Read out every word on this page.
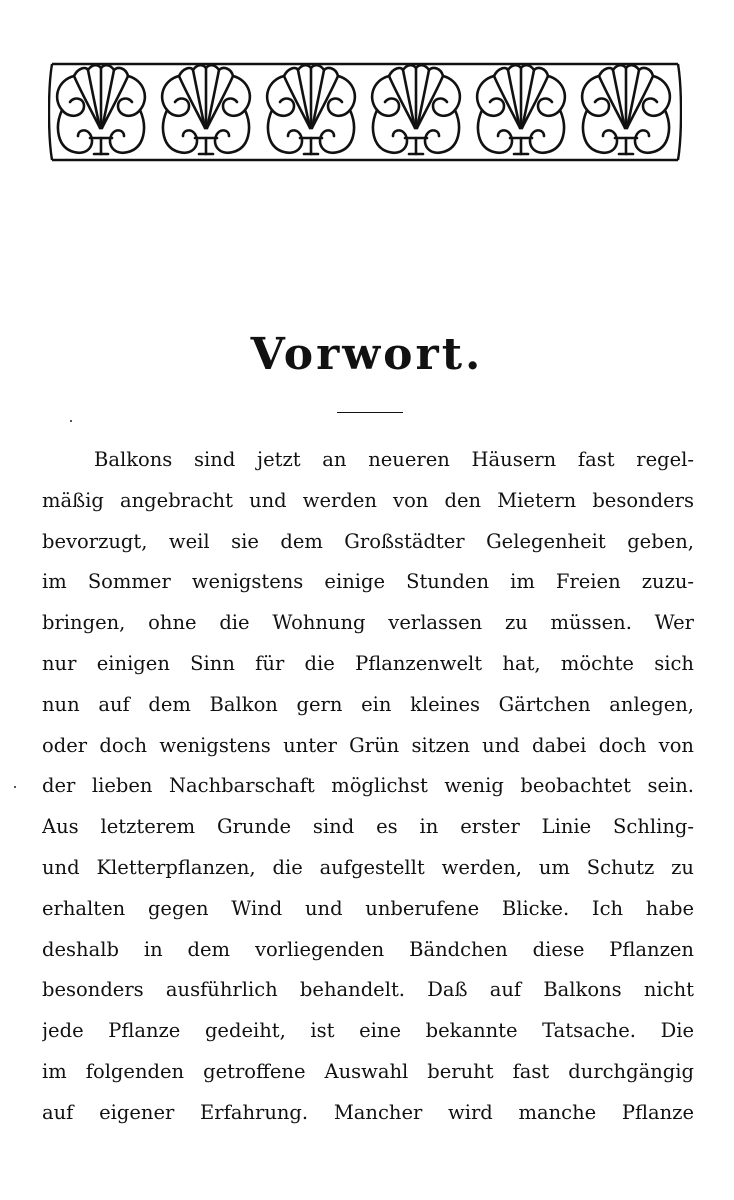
Vorwort.
Balkons sind jetzt an neueren Häusern fast regel-
mäßig angebracht und werden von den Mietern besonders
bevorzugt, weil sie dem Großstädter Gelegenheit geben,
im Sommer wenigstens einige Stunden im Freien zuzu-
bringen, ohne die Wohnung verlassen zu müssen. Wer
nur einigen Sinn für die Pflanzenwelt hat, möchte sich
nun auf dem Balkon gern ein kleines Gärtchen anlegen,
oder doch wenigstens unter Grün sitzen und dabei doch von
der lieben Nachbarschaft möglichst wenig beobachtet sein.
Aus letzterem Grunde sind es in erster Linie Schling-
und Kletterpflanzen, die aufgestellt werden, um Schutz zu
erhalten gegen Wind und unberufene Blicke. Ich habe
deshalb in dem vorliegenden Bändchen diese Pflanzen
besonders ausführlich behandelt. Daß auf Balkons nicht
jede Pflanze gedeiht, ist eine bekannte Tatsache. Die
im folgenden getroffene Auswahl beruht fast durchgängig
auf eigener Erfahrung. Mancher wird manche Pflanze
